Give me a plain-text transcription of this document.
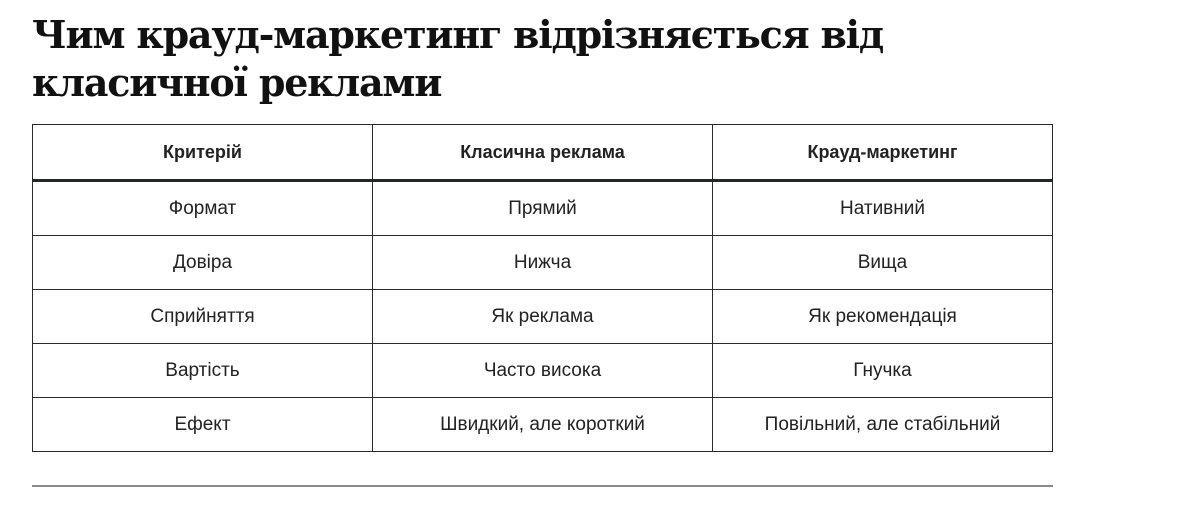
Чим крауд-маркетинг відрізняється від класичної реклами
Критерій	Класична реклама	Крауд-маркетинг
Формат	Прямий	Нативний
Довіра	Нижча	Вища
Сприйняття	Як реклама	Як рекомендація
Вартість	Часто висока	Гнучка
Ефект	Швидкий, але короткий	Повільний, але стабільний
